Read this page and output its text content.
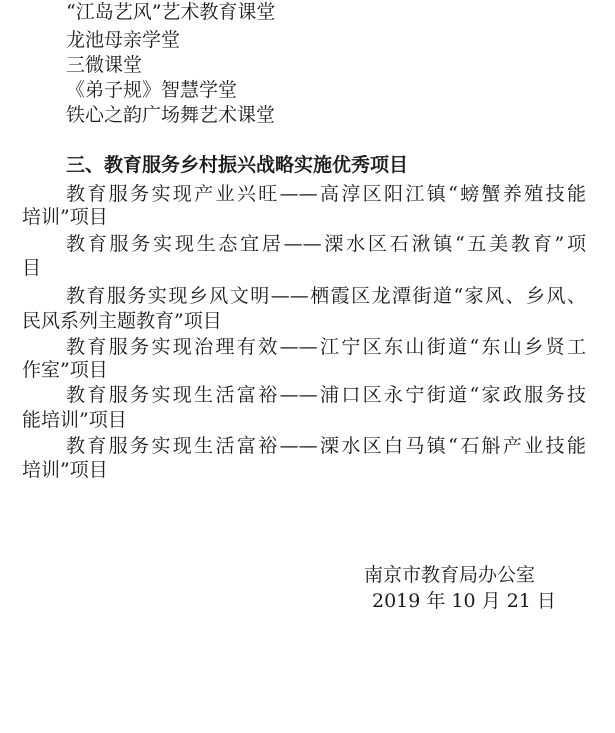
“江岛艺风”艺术教育课堂
龙池母亲学堂
三微课堂
《弟子规》智慧学堂
铁心之韵广场舞艺术课堂
三、教育服务乡村振兴战略实施优秀项目
教育服务实现产业兴旺——高淳区阳江镇“螃蟹养殖技能
培训”项目
教育服务实现生态宜居——溧水区石湫镇“五美教育”项
目
教育服务实现乡风文明——栖霞区龙潭街道“家风、乡风、
民风系列主题教育”项目
教育服务实现治理有效——江宁区东山街道“东山乡贤工
作室”项目
教育服务实现生活富裕——浦口区永宁街道“家政服务技
能培训”项目
教育服务实现生活富裕——溧水区白马镇“石斛产业技能
培训”项目
南京市教育局办公室
2019 年 10 月 21 日
